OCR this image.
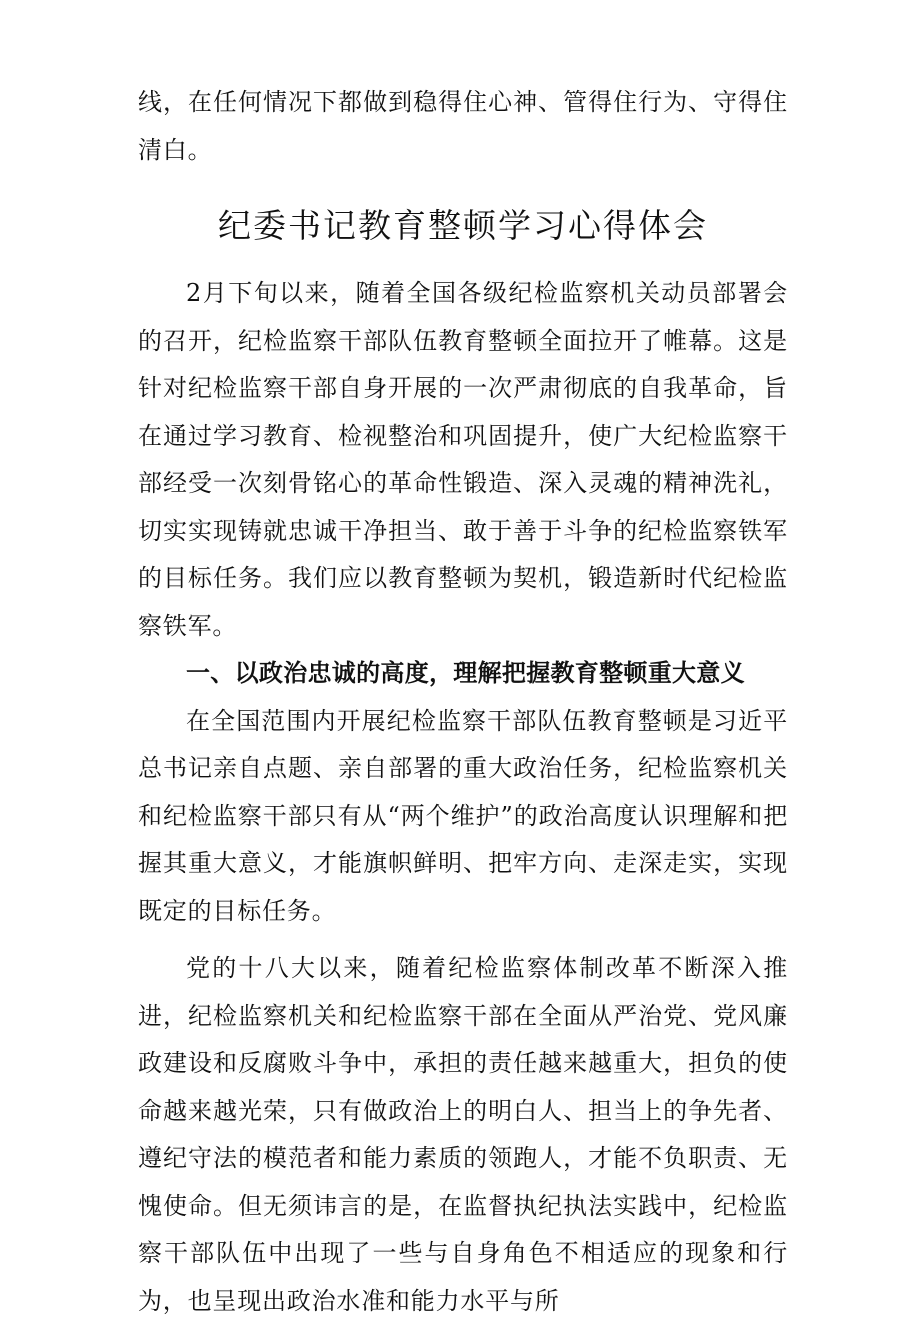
线，在任何情况下都做到稳得住心神、管得住行为、守得住清白。

纪委书记教育整顿学习心得体会

2月下旬以来，随着全国各级纪检监察机关动员部署会的召开，纪检监察干部队伍教育整顿全面拉开了帷幕。这是针对纪检监察干部自身开展的一次严肃彻底的自我革命，旨在通过学习教育、检视整治和巩固提升，使广大纪检监察干部经受一次刻骨铭心的革命性锻造、深入灵魂的精神洗礼，切实实现铸就忠诚干净担当、敢于善于斗争的纪检监察铁军的目标任务。我们应以教育整顿为契机，锻造新时代纪检监察铁军。

一、以政治忠诚的高度，理解把握教育整顿重大意义

在全国范围内开展纪检监察干部队伍教育整顿是习近平总书记亲自点题、亲自部署的重大政治任务，纪检监察机关和纪检监察干部只有从“两个维护”的政治高度认识理解和把握其重大意义，才能旗帜鲜明、把牢方向、走深走实，实现既定的目标任务。

党的十八大以来，随着纪检监察体制改革不断深入推进，纪检监察机关和纪检监察干部在全面从严治党、党风廉政建设和反腐败斗争中，承担的责任越来越重大，担负的使命越来越光荣，只有做政治上的明白人、担当上的争先者、遵纪守法的模范者和能力素质的领跑人，才能不负职责、无愧使命。但无须讳言的是，在监督执纪执法实践中，纪检监察干部队伍中出现了一些与自身角色不相适应的现象和行为，也呈现出政治水准和能力水平与所
